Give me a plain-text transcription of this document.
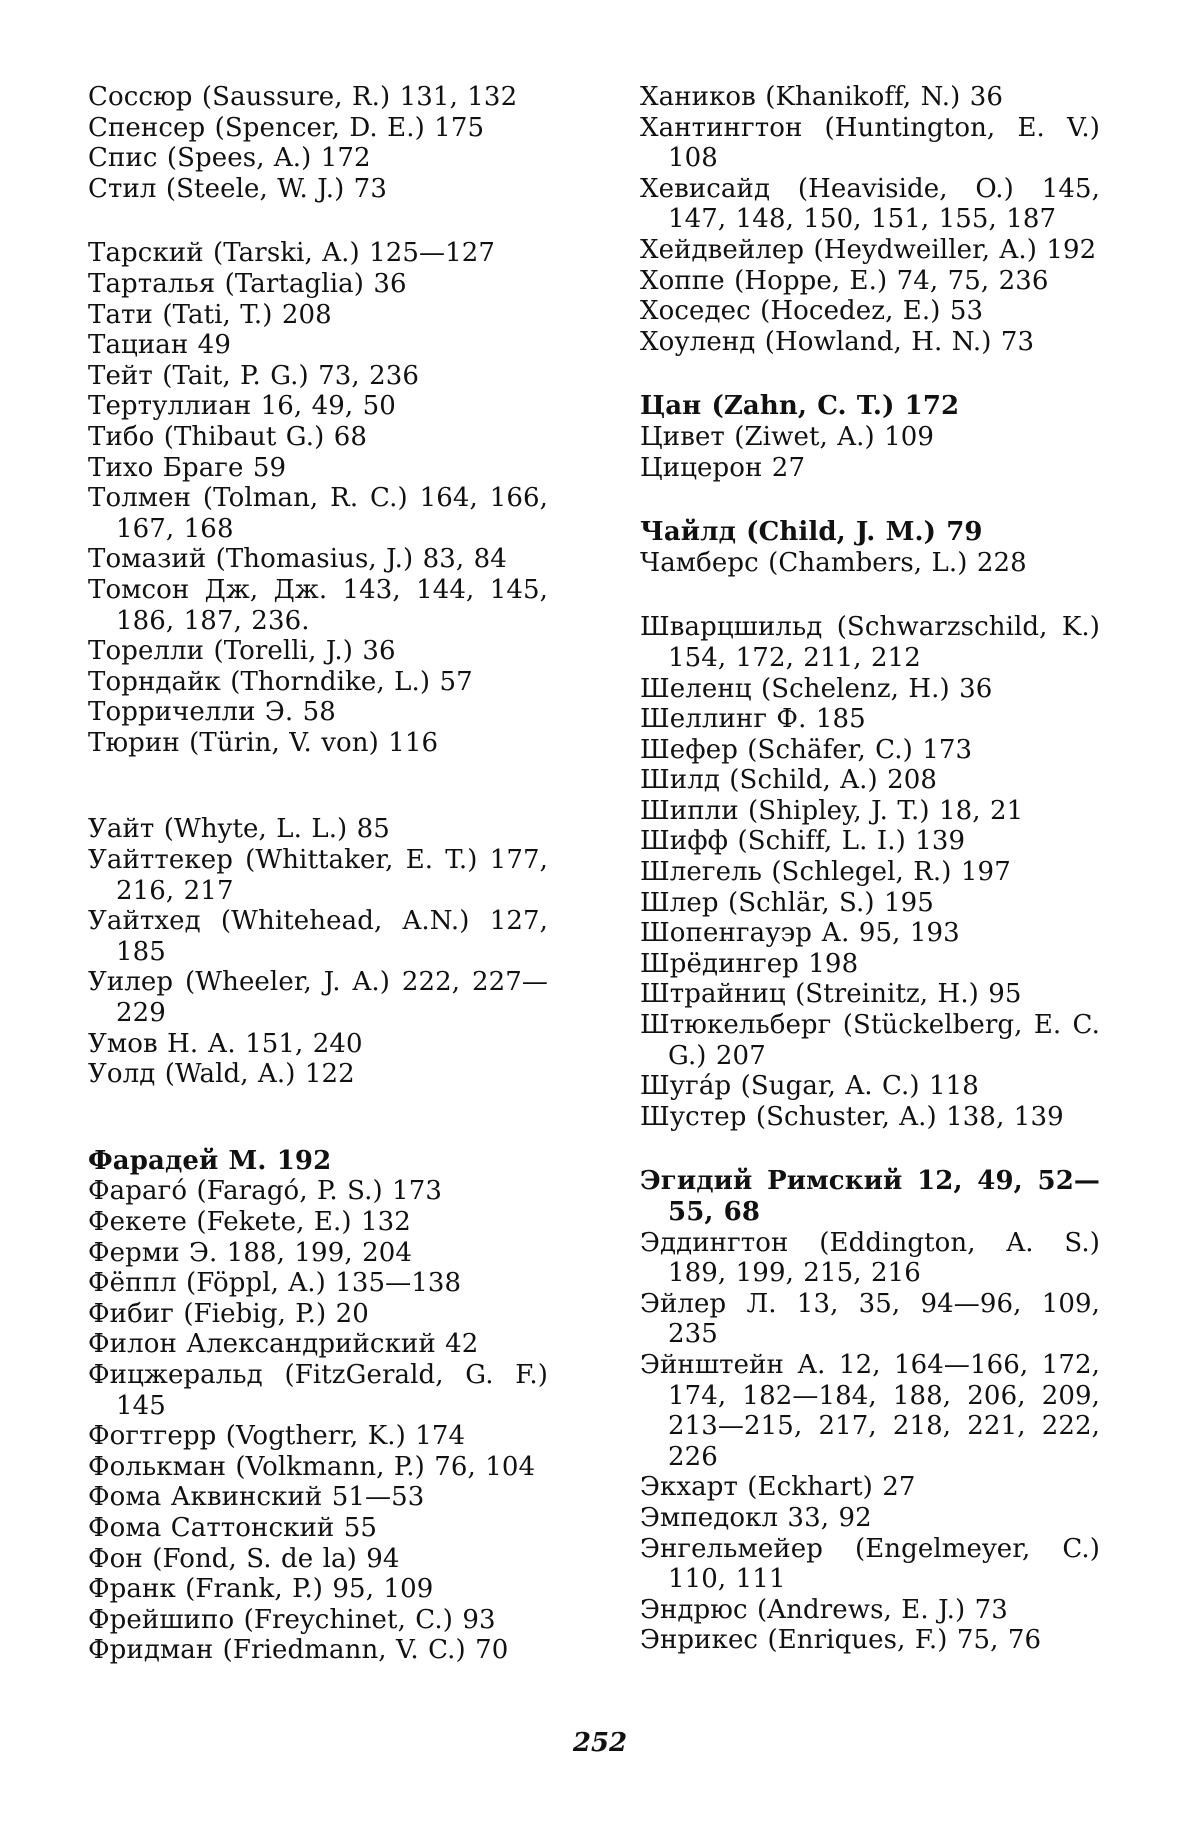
Соссюр (Saussure, R.) 131, 132
Спенсер (Spencer, D. E.) 175
Спис (Spees, A.) 172
Стил (Steele, W. J.) 73
Тарский (Tarski, A.) 125—127
Тарталья (Tartaglia) 36
Тати (Tati, T.) 208
Тациан 49
Тейт (Tait, P. G.) 73, 236
Тертуллиан 16, 49, 50
Тибо (Thibaut G.) 68
Тихо Браге 59
Толмен (Tolman, R. C.) 164, 166, 167, 168
Томазий (Thomasius, J.) 83, 84
Томсон Дж, Дж. 143, 144, 145, 186, 187, 236.
Торелли (Torelli, J.) 36
Торндайк (Thorndike, L.) 57
Торричелли Э. 58
Тюрин (Türin, V. von) 116
Уайт (Whyte, L. L.) 85
Уайттекер (Whittaker, E. T.) 177, 216, 217
Уайтхед (Whitehead, A.N.) 127, 185
Уилер (Wheeler, J. A.) 222, 227—229
Умов Н. А. 151, 240
Уолд (Wald, A.) 122
Фарадей М. 192
Фараго́ (Faragó, P. S.) 173
Фекете (Fekete, E.) 132
Ферми Э. 188, 199, 204
Фёппл (Föppl, A.) 135—138
Фибиг (Fiebig, P.) 20
Филон Александрийский 42
Фицжеральд (FitzGerald, G. F.) 145
Фогтгерр (Vogtherr, K.) 174
Фолькман (Volkmann, P.) 76, 104
Фома Аквинский 51—53
Фома Саттонский 55
Фон (Fond, S. de la) 94
Франк (Frank, P.) 95, 109
Фрейшипо (Freychinet, C.) 93
Фридман (Friedmann, V. C.) 70
Хаников (Khanikoff, N.) 36
Хантингтон (Huntington, E. V.) 108
Хевисайд (Heaviside, O.) 145, 147, 148, 150, 151, 155, 187
Хейдвейлер (Heydweiller, A.) 192
Хоппе (Hoppe, E.) 74, 75, 236
Хоседес (Hocedez, E.) 53
Хоуленд (Howland, H. N.) 73
Цан (Zahn, C. T.) 172
Цивет (Ziwet, A.) 109
Цицерон 27
Чайлд (Child, J. M.) 79
Чамберс (Chambers, L.) 228
Шварцшильд (Schwarzschild, K.) 154, 172, 211, 212
Шеленц (Schelenz, H.) 36
Шеллинг Ф. 185
Шефер (Schäfer, C.) 173
Шилд (Schild, A.) 208
Шипли (Shipley, J. T.) 18, 21
Шифф (Schiff, L. I.) 139
Шлегель (Schlegel, R.) 197
Шлер (Schlär, S.) 195
Шопенгауэр А. 95, 193
Шрёдингер 198
Штрайниц (Streinitz, H.) 95
Штюкельберг (Stückelberg, E. C. G.) 207
Шуга́р (Sugar, A. C.) 118
Шустер (Schuster, A.) 138, 139
Эгидий Римский 12, 49, 52—55, 68
Эддингтон (Eddington, A. S.) 189, 199, 215, 216
Эйлер Л. 13, 35, 94—96, 109, 235
Эйнштейн А. 12, 164—166, 172, 174, 182—184, 188, 206, 209, 213—215, 217, 218, 221, 222, 226
Экхарт (Eckhart) 27
Эмпедокл 33, 92
Энгельмейер (Engelmeyer, C.) 110, 111
Эндрюс (Andrews, E. J.) 73
Энрикес (Enriques, F.) 75, 76
252
